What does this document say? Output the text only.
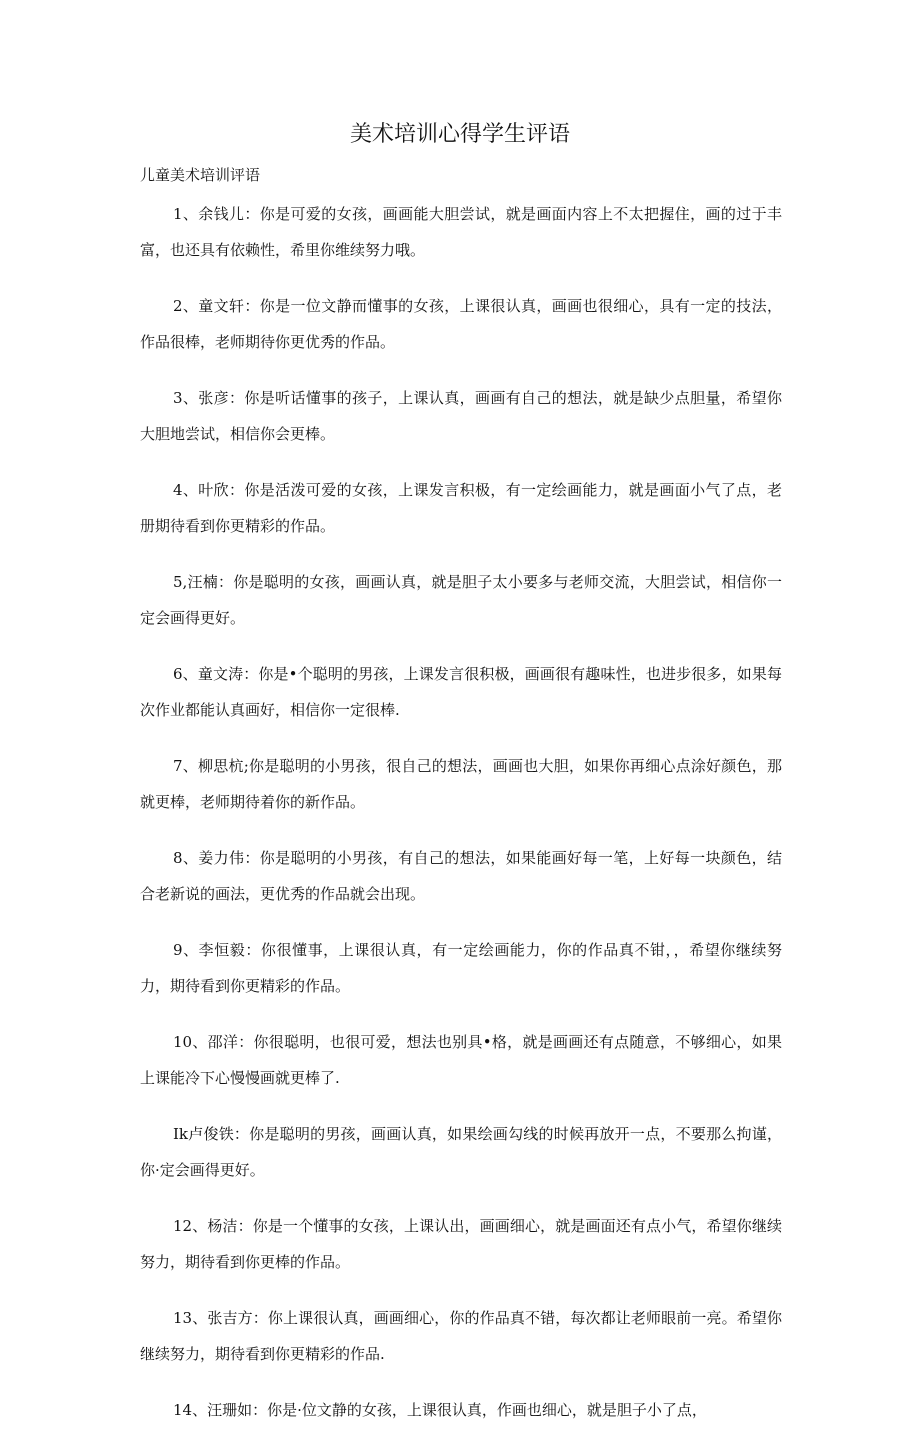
美术培训心得学生评语

儿童美术培训评语

1、余钱儿：你是可爱的女孩，画画能大胆尝试，就是画面内容上不太把握住，画的过于丰富，也还具有依赖性，希里你维续努力哦。

2、童文轩：你是一位文静而懂事的女孩，上课很认真，画画也很细心，具有一定的技法，作品很棒，老师期待你更优秀的作品。

3、张彦：你是听话懂事的孩子，上课认真，画画有自己的想法，就是缺少点胆量，希望你大胆地尝试，相信你会更棒。

4、叶欣：你是活泼可爱的女孩，上课发言积极，有一定绘画能力，就是画面小气了点，老册期待看到你更精彩的作品。

5,汪楠：你是聪明的女孩，画画认真，就是胆子太小要多与老师交流，大胆尝试，相信你一定会画得更好。

6、童文涛：你是•个聪明的男孩，上课发言很积极，画画很有趣味性，也进步很多，如果每次作业都能认真画好，相信你一定很棒.

7、柳思杭;你是聪明的小男孩，很自己的想法，画画也大胆，如果你再细心点涂好颜色，那就更棒，老师期待着你的新作品。

8、姜力伟：你是聪明的小男孩，有自己的想法，如果能画好每一笔，上好每一块颜色，结合老新说的画法，更优秀的作品就会出现。

9、李恒毅：你很懂事，上课很认真，有一定绘画能力，你的作品真不钳，，希望你继续努力，期待看到你更精彩的作品。

10、邵洋：你很聪明，也很可爱，想法也别具•格，就是画画还有点随意，不够细心，如果上课能冷下心慢慢画就更棒了.

Ik卢俊铁：你是聪明的男孩，画画认真，如果绘画勾线的时候再放开一点，不要那么拘谨，你·定会画得更好。

12、杨洁：你是一个懂事的女孩，上课认出，画画细心，就是画面还有点小气，希望你继续努力，期待看到你更棒的作品。

13、张吉方：你上课很认真，画画细心，你的作品真不错，每次都让老师眼前一亮。希望你继续努力，期待看到你更精彩的作品.

14、汪珊如：你是·位文静的女孩，上课很认真，作画也细心，就是胆子小了点，
